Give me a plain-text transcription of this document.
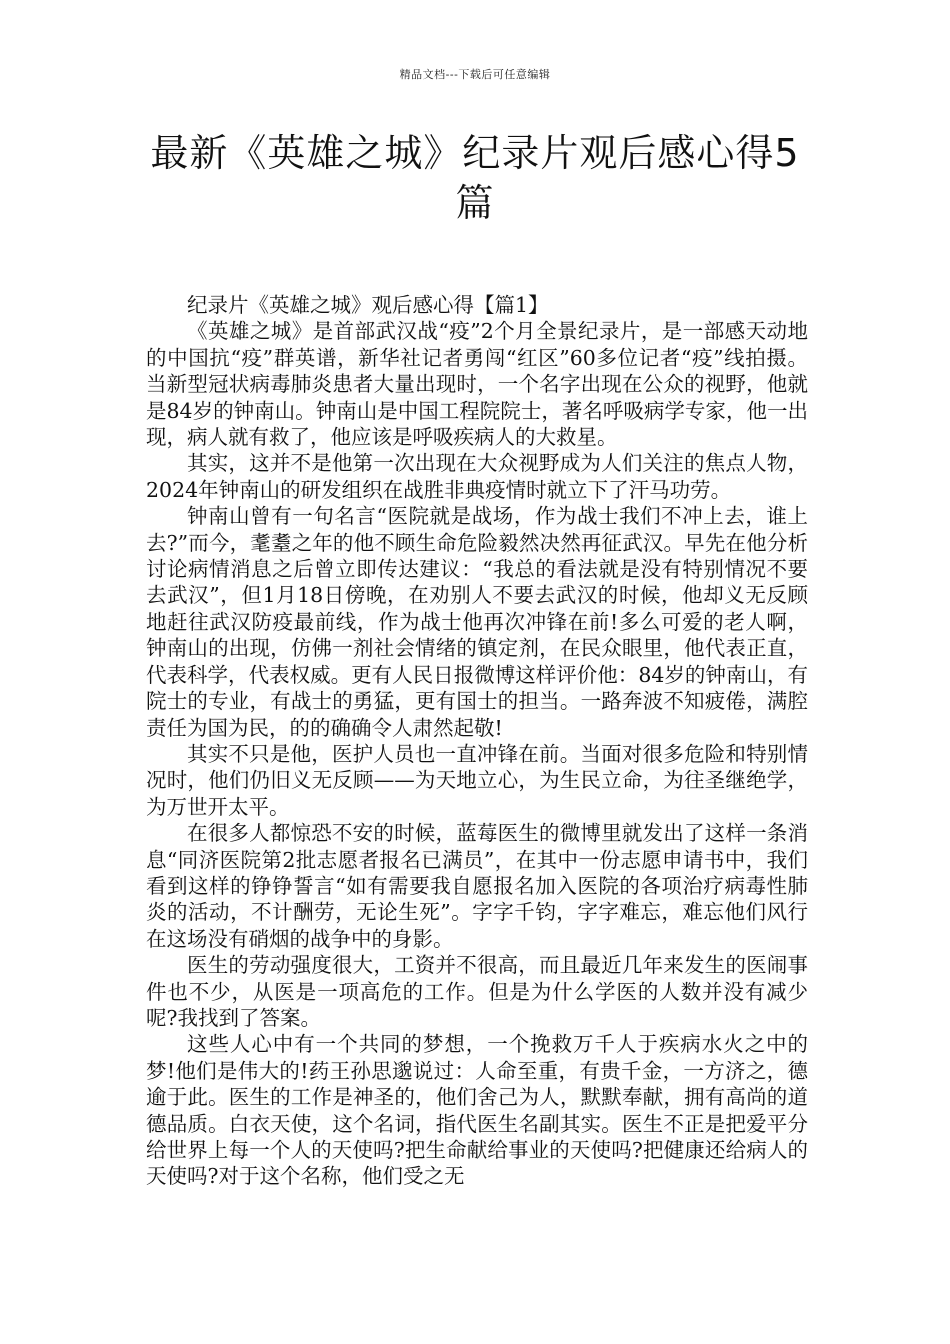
精品文档---下载后可任意编辑
最新《英雄之城》纪录片观后感心得5篇

纪录片《英雄之城》观后感心得【篇1】

《英雄之城》是首部武汉战“疫”2个月全景纪录片，是一部感天动地的中国抗“疫”群英谱，新华社记者勇闯“红区”60多位记者“疫”线拍摄。当新型冠状病毒肺炎患者大量出现时，一个名字出现在公众的视野，他就是84岁的钟南山。钟南山是中国工程院院士，著名呼吸病学专家，他一出现，病人就有救了，他应该是呼吸疾病人的大救星。

其实，这并不是他第一次出现在大众视野成为人们关注的焦点人物，2024年钟南山的研发组织在战胜非典疫情时就立下了汗马功劳。

钟南山曾有一句名言“医院就是战场，作为战士我们不冲上去，谁上去?”而今，耄耋之年的他不顾生命危险毅然决然再征武汉。早先在他分析讨论病情消息之后曾立即传达建议：“我总的看法就是没有特别情况不要去武汉”，但1月18日傍晚，在劝别人不要去武汉的时候，他却义无反顾地赶往武汉防疫最前线，作为战士他再次冲锋在前!多么可爱的老人啊，钟南山的出现，仿佛一剂社会情绪的镇定剂，在民众眼里，他代表正直，代表科学，代表权威。更有人民日报微博这样评价他：84岁的钟南山，有院士的专业，有战士的勇猛，更有国士的担当。一路奔波不知疲倦，满腔责任为国为民，的的确确令人肃然起敬!

其实不只是他，医护人员也一直冲锋在前。当面对很多危险和特别情况时，他们仍旧义无反顾——为天地立心，为生民立命，为往圣继绝学，为万世开太平。

在很多人都惊恐不安的时候，蓝莓医生的微博里就发出了这样一条消息“同济医院第2批志愿者报名已满员”，在其中一份志愿申请书中，我们看到这样的铮铮誓言“如有需要我自愿报名加入医院的各项治疗病毒性肺炎的活动，不计酬劳，无论生死”。字字千钧，字字难忘，难忘他们风行在这场没有硝烟的战争中的身影。

医生的劳动强度很大，工资并不很高，而且最近几年来发生的医闹事件也不少，从医是一项高危的工作。但是为什么学医的人数并没有减少呢?我找到了答案。

这些人心中有一个共同的梦想，一个挽救万千人于疾病水火之中的梦!他们是伟大的!药王孙思邈说过：人命至重，有贵千金，一方济之，德逾于此。医生的工作是神圣的，他们舍己为人，默默奉献，拥有高尚的道德品质。白衣天使，这个名词，指代医生名副其实。医生不正是把爱平分给世界上每一个人的天使吗?把生命献给事业的天使吗?把健康还给病人的天使吗?对于这个名称，他们受之无
